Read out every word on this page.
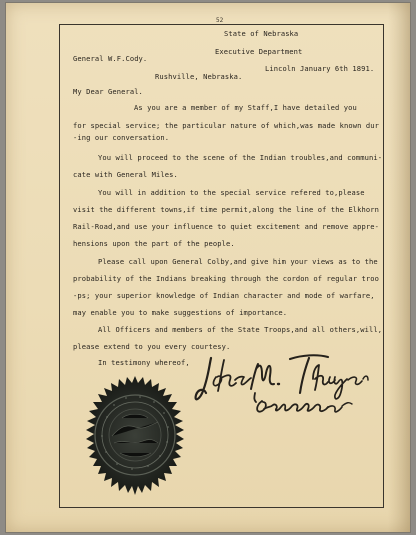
52
State of Nebraska
Executive Department
General W.F.Cody.
Lincoln January 6th 1891.
Rushville, Nebraska.
My Dear General.
As you are a member of my Staff,I have detailed you
for special service; the particular nature of which,was made known dur
-ing our conversation.
You will proceed to the scene of the Indian troubles,and communi-
cate with General Miles.
You will in addition to the special service refered to,please
visit the different towns,if time permit,along the line of the Elkhorn
Rail-Road,and use your influence to quiet excitement and remove appre-
hensions upon the part of the people.
Please call upon General Colby,and give him your views as to the
probability of the Indians breaking through the cordon of regular troo
-ps; your superior knowledge of Indian character and mode of warfare,
may enable you to make suggestions of importance.
All Officers and members of the State Troops,and all others,will,
please extend to you every courtesy.
In testimony whereof,
